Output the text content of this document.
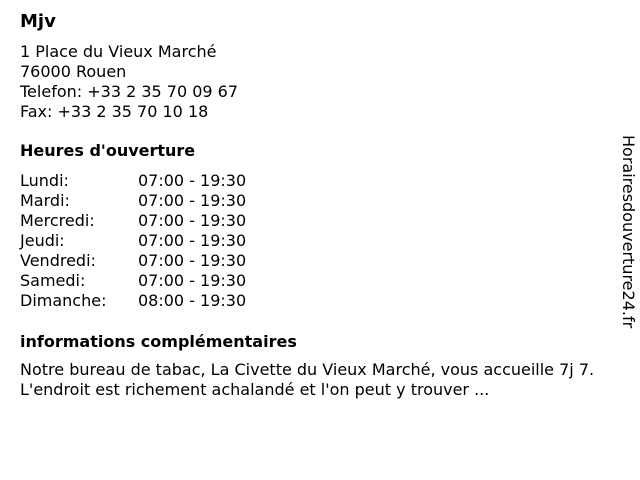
Mjv
1 Place du Vieux Marché
76000 Rouen
Telefon: +33 2 35 70 09 67
Fax: +33 2 35 70 10 18
Heures d'ouverture
Lundi:	07:00 - 19:30
Mardi:	07:00 - 19:30
Mercredi:	07:00 - 19:30
Jeudi:	07:00 - 19:30
Vendredi:	07:00 - 19:30
Samedi:	07:00 - 19:30
Dimanche:	08:00 - 19:30
informations complémentaires
Notre bureau de tabac, La Civette du Vieux Marché, vous accueille 7j 7. L'endroit est richement achalandé et l'on peut y trouver ...
Horairesdouverture24.fr
